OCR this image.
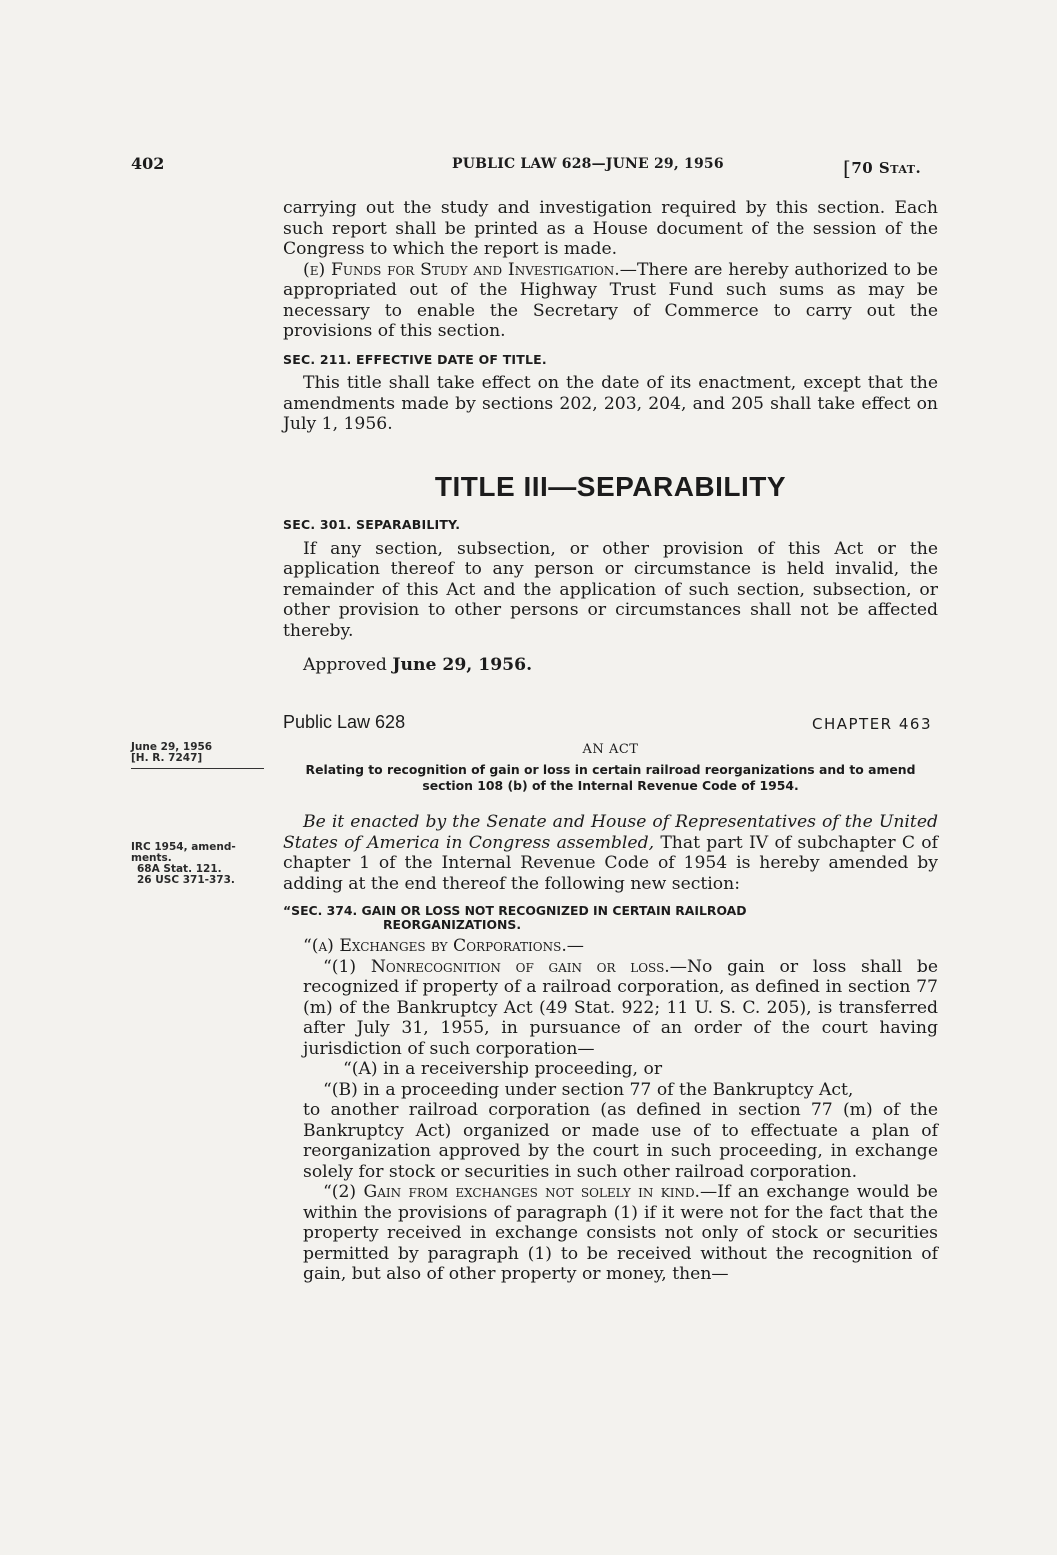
402	PUBLIC LAW 628—JUNE 29, 1956	[70 Stat.
June 29, 1956
[H. R. 7247]
IRC 1954, amend-
ments.
68A Stat. 121.
26 USC 371-373.

carrying out the study and investigation required by this section. Each such report shall be printed as a House document of the session of the Congress to which the report is made.

(e) Funds for Study and Investigation.—There are hereby authorized to be appropriated out of the Highway Trust Fund such sums as may be necessary to enable the Secretary of Commerce to carry out the provisions of this section.

SEC. 211. EFFECTIVE DATE OF TITLE.

This title shall take effect on the date of its enactment, except that the amendments made by sections 202, 203, 204, and 205 shall take effect on July 1, 1956.

TITLE III—SEPARABILITY

SEC. 301. SEPARABILITY.

If any section, subsection, or other provision of this Act or the application thereof to any person or circumstance is held invalid, the remainder of this Act and the application of such section, subsection, or other provision to other persons or circumstances shall not be affected thereby.

Approved June 29, 1956.

Public Law 628	CHAPTER 463

AN ACT

Relating to recognition of gain or loss in certain railroad reorganizations and to amend section 108 (b) of the Internal Revenue Code of 1954.

Be it enacted by the Senate and House of Representatives of the United States of America in Congress assembled, That part IV of subchapter C of chapter 1 of the Internal Revenue Code of 1954 is hereby amended by adding at the end thereof the following new section:

“SEC. 374. GAIN OR LOSS NOT RECOGNIZED IN CERTAIN RAILROAD
REORGANIZATIONS.

“(a) Exchanges by Corporations.—

“(1) Nonrecognition of gain or loss.—No gain or loss shall be recognized if property of a railroad corporation, as defined in section 77 (m) of the Bankruptcy Act (49 Stat. 922; 11 U. S. C. 205), is transferred after July 31, 1955, in pursuance of an order of the court having jurisdiction of such corporation—

“(A) in a receivership proceeding, or

“(B) in a proceeding under section 77 of the Bankruptcy Act,

to another railroad corporation (as defined in section 77 (m) of the Bankruptcy Act) organized or made use of to effectuate a plan of reorganization approved by the court in such proceeding, in exchange solely for stock or securities in such other railroad corporation.

“(2) Gain from exchanges not solely in kind.—If an exchange would be within the provisions of paragraph (1) if it were not for the fact that the property received in exchange consists not only of stock or securities permitted by paragraph (1) to be received without the recognition of gain, but also of other property or money, then—
